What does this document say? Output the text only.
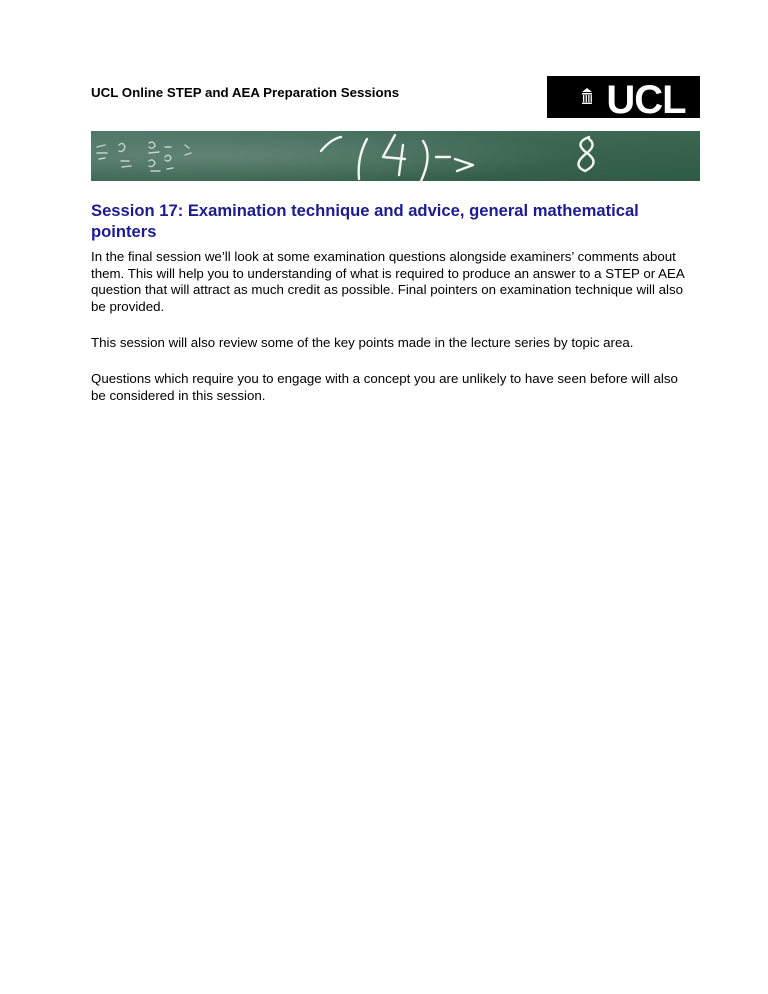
UCL Online STEP and AEA Preparation Sessions	UCL
Session 17: Examination technique and advice, general mathematical pointers

In the final session we’ll look at some examination questions alongside examiners’ comments about them. This will help you to understanding of what is required to produce an answer to a STEP or AEA question that will attract as much credit as possible. Final pointers on examination technique will also be provided.

This session will also review some of the key points made in the lecture series by topic area.

Questions which require you to engage with a concept you are unlikely to have seen before will also be considered in this session.
